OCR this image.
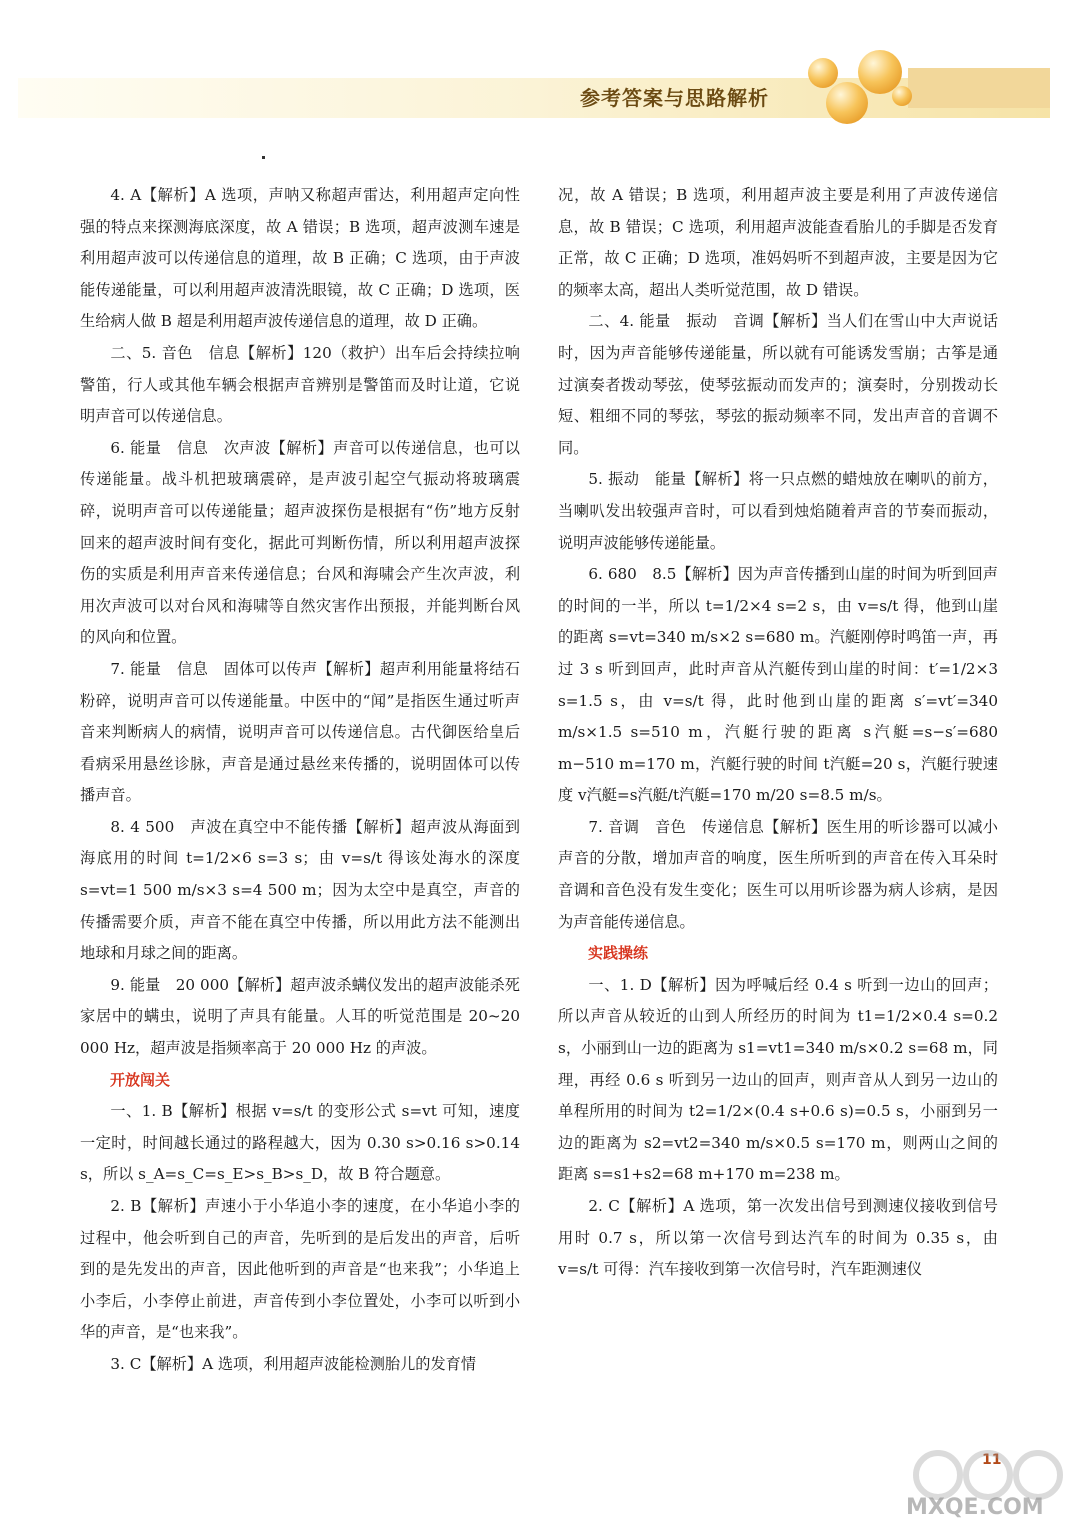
参考答案与思路解析

4. A【解析】A 选项，声呐又称超声雷达，利用超声定向性强的特点来探测海底深度，故 A 错误；B 选项，超声波测车速是利用超声波可以传递信息的道理，故 B 正确；C 选项，由于声波能传递能量，可以利用超声波清洗眼镜，故 C 正确；D 选项，医生给病人做 B 超是利用超声波传递信息的道理，故 D 正确。

二、5. 音色　信息【解析】120（救护）出车后会持续拉响警笛，行人或其他车辆会根据声音辨别是警笛而及时让道，它说明声音可以传递信息。

6. 能量　信息　次声波【解析】声音可以传递信息，也可以传递能量。战斗机把玻璃震碎，是声波引起空气振动将玻璃震碎，说明声音可以传递能量；超声波探伤是根据有“伤”地方反射回来的超声波时间有变化，据此可判断伤情，所以利用超声波探伤的实质是利用声音来传递信息；台风和海啸会产生次声波，利用次声波可以对台风和海啸等自然灾害作出预报，并能判断台风的风向和位置。

7. 能量　信息　固体可以传声【解析】超声利用能量将结石粉碎，说明声音可以传递能量。中医中的“闻”是指医生通过听声音来判断病人的病情，说明声音可以传递信息。古代御医给皇后看病采用悬丝诊脉，声音是通过悬丝来传播的，说明固体可以传播声音。

8. 4 500　声波在真空中不能传播【解析】超声波从海面到海底用的时间 t=1/2×6 s=3 s；由 v=s/t 得该处海水的深度 s=vt=1 500 m/s×3 s=4 500 m；因为太空中是真空，声音的传播需要介质，声音不能在真空中传播，所以用此方法不能测出地球和月球之间的距离。

9. 能量　20 000【解析】超声波杀螨仪发出的超声波能杀死家居中的螨虫，说明了声具有能量。人耳的听觉范围是 20~20 000 Hz，超声波是指频率高于 20 000 Hz 的声波。

开放闯关

一、1. B【解析】根据 v=s/t 的变形公式 s=vt 可知，速度一定时，时间越长通过的路程越大，因为 0.30 s>0.16 s>0.14 s，所以 s_A=s_C=s_E>s_B>s_D，故 B 符合题意。

2. B【解析】声速小于小华追小李的速度，在小华追小李的过程中，他会听到自己的声音，先听到的是后发出的声音，后听到的是先发出的声音，因此他听到的声音是“也来我”；小华追上小李后，小李停止前进，声音传到小李位置处，小李可以听到小华的声音，是“也来我”。

3. C【解析】A 选项，利用超声波能检测胎儿的发育情

况，故 A 错误；B 选项，利用超声波主要是利用了声波传递信息，故 B 错误；C 选项，利用超声波能查看胎儿的手脚是否发育正常，故 C 正确；D 选项，准妈妈听不到超声波，主要是因为它的频率太高，超出人类听觉范围，故 D 错误。

二、4. 能量　振动　音调【解析】当人们在雪山中大声说话时，因为声音能够传递能量，所以就有可能诱发雪崩；古筝是通过演奏者拨动琴弦，使琴弦振动而发声的；演奏时，分别拨动长短、粗细不同的琴弦，琴弦的振动频率不同，发出声音的音调不同。

5. 振动　能量【解析】将一只点燃的蜡烛放在喇叭的前方，当喇叭发出较强声音时，可以看到烛焰随着声音的节奏而振动，说明声波能够传递能量。

6. 680　8.5【解析】因为声音传播到山崖的时间为听到回声的时间的一半，所以 t=1/2×4 s=2 s，由 v=s/t 得，他到山崖的距离 s=vt=340 m/s×2 s=680 m。汽艇刚停时鸣笛一声，再过 3 s 听到回声，此时声音从汽艇传到山崖的时间：t′=1/2×3 s=1.5 s，由 v=s/t 得，此时他到山崖的距离 s′=vt′=340 m/s×1.5 s=510 m，汽艇行驶的距离 s汽艇=s−s′=680 m−510 m=170 m，汽艇行驶的时间 t汽艇=20 s，汽艇行驶速度 v汽艇=s汽艇/t汽艇=170 m/20 s=8.5 m/s。

7. 音调　音色　传递信息【解析】医生用的听诊器可以减小声音的分散，增加声音的响度，医生所听到的声音在传入耳朵时音调和音色没有发生变化；医生可以用听诊器为病人诊病，是因为声音能传递信息。

实践操练

一、1. D【解析】因为呼喊后经 0.4 s 听到一边山的回声；所以声音从较近的山到人所经历的时间为 t1=1/2×0.4 s=0.2 s，小丽到山一边的距离为 s1=vt1=340 m/s×0.2 s=68 m，同理，再经 0.6 s 听到另一边山的回声，则声音从人到另一边山的单程所用的时间为 t2=1/2×(0.4 s+0.6 s)=0.5 s，小丽到另一边的距离为 s2=vt2=340 m/s×0.5 s=170 m，则两山之间的距离 s=s1+s2=68 m+170 m=238 m。

2. C【解析】A 选项，第一次发出信号到测速仪接收到信号用时 0.7 s，所以第一次信号到达汽车的时间为 0.35 s，由 v=s/t 可得：汽车接收到第一次信号时，汽车距测速仪

11
MXQE.COM
